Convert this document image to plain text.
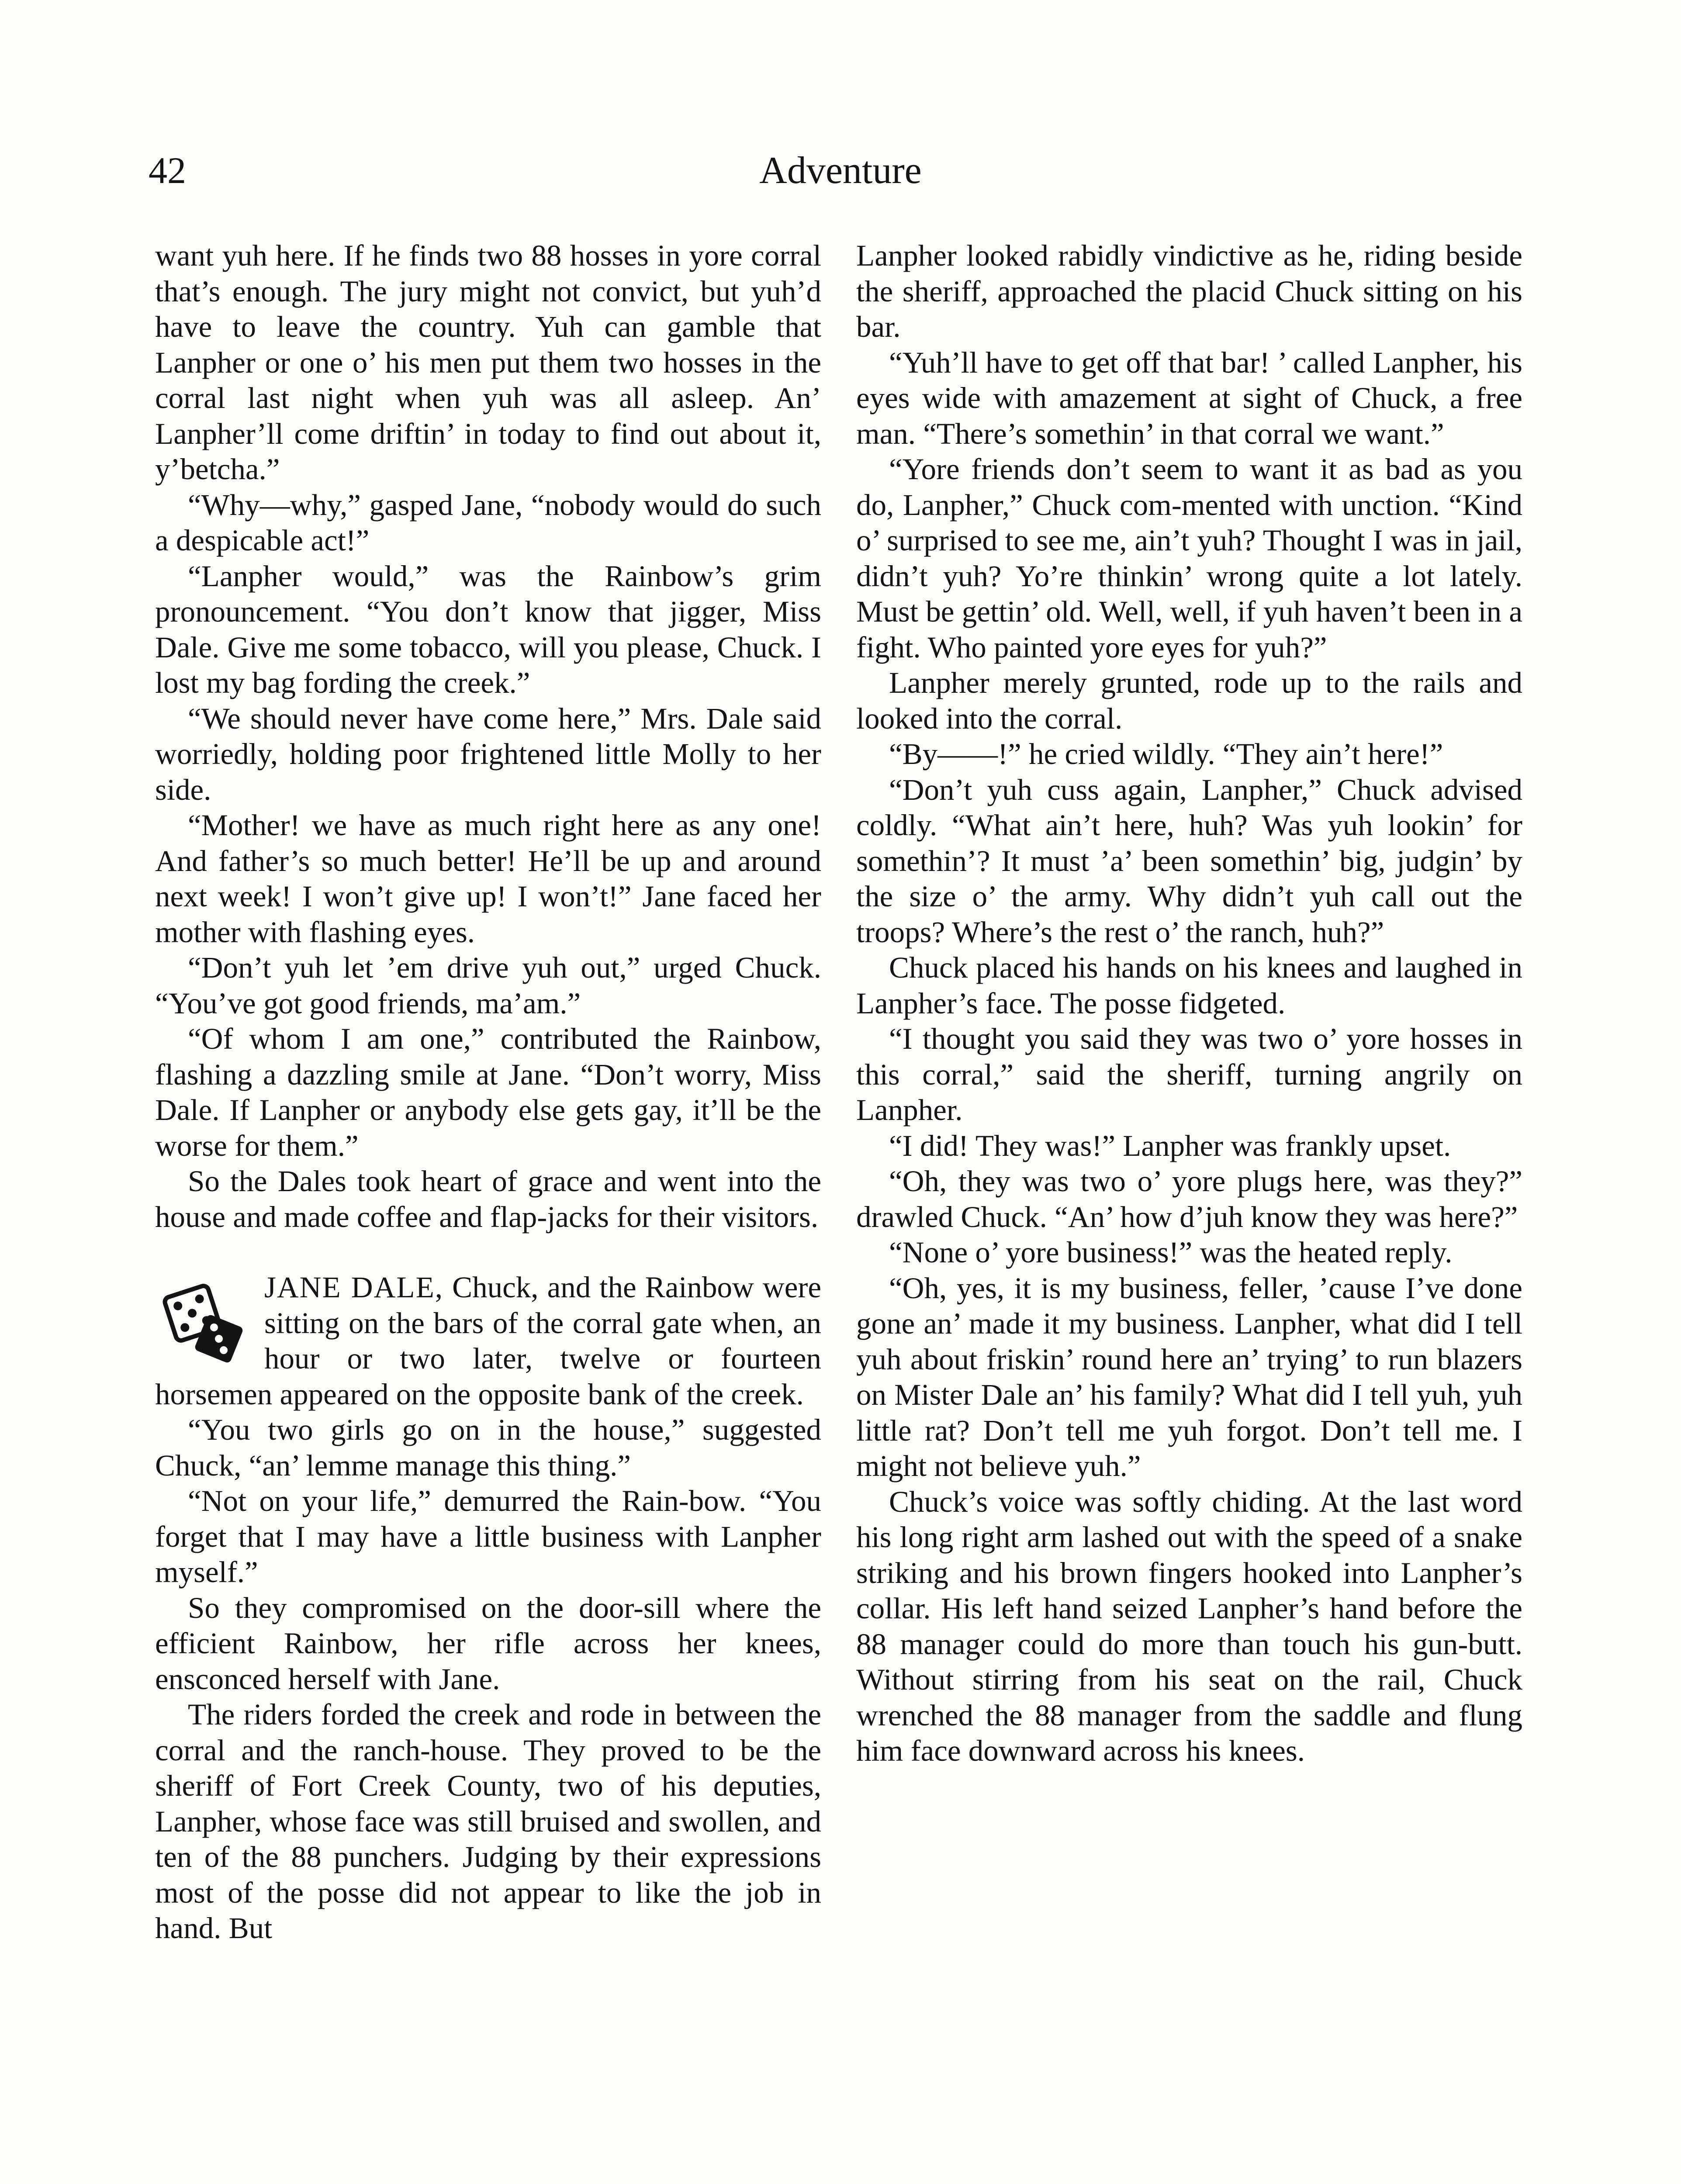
Adventure
42

want yuh here. If he finds two 88 hosses in yore corral that’s enough. The jury might not convict, but yuh’d have to leave the country. Yuh can gamble that Lanpher or one o’ his men put them two hosses in the corral last night when yuh was all asleep. An’ Lanpher’ll come driftin’ in today to find out about it, y’betcha.”

“Why—why,” gasped Jane, “nobody would do such a despicable act!”

“Lanpher would,” was the Rainbow’s grim pronouncement. “You don’t know that jigger, Miss Dale. Give me some tobacco, will you please, Chuck. I lost my bag fording the creek.”

“We should never have come here,” Mrs. Dale said worriedly, holding poor frightened little Molly to her side.

“Mother! we have as much right here as any one! And father’s so much better! He’ll be up and around next week! I won’t give up! I won’t!” Jane faced her mother with flashing eyes.

“Don’t yuh let ’em drive yuh out,” urged Chuck. “You’ve got good friends, ma’am.”

“Of whom I am one,” contributed the Rainbow, flashing a dazzling smile at Jane. “Don’t worry, Miss Dale. If Lanpher or anybody else gets gay, it’ll be the worse for them.”

So the Dales took heart of grace and went into the house and made coffee and flap-jacks for their visitors.

JANE DALE, Chuck, and the Rainbow were sitting on the bars of the corral gate when, an hour or two later, twelve or fourteen horsemen appeared on the opposite bank of the creek.

“You two girls go on in the house,” suggested Chuck, “an’ lemme manage this thing.”

“Not on your life,” demurred the Rain-bow. “You forget that I may have a little business with Lanpher myself.”

So they compromised on the door-sill where the efficient Rainbow, her rifle across her knees, ensconced herself with Jane.

The riders forded the creek and rode in between the corral and the ranch-house. They proved to be the sheriff of Fort Creek County, two of his deputies, Lanpher, whose face was still bruised and swollen, and ten of the 88 punchers. Judging by their expressions most of the posse did not appear to like the job in hand. But

Lanpher looked rabidly vindictive as he, riding beside the sheriff, approached the placid Chuck sitting on his bar.

“Yuh’ll have to get off that bar! ’ called Lanpher, his eyes wide with amazement at sight of Chuck, a free man. “There’s somethin’ in that corral we want.”

“Yore friends don’t seem to want it as bad as you do, Lanpher,” Chuck com-mented with unction. “Kind o’ surprised to see me, ain’t yuh? Thought I was in jail, didn’t yuh? Yo’re thinkin’ wrong quite a lot lately. Must be gettin’ old. Well, well, if yuh haven’t been in a fight. Who painted yore eyes for yuh?”

Lanpher merely grunted, rode up to the rails and looked into the corral.

“By——!” he cried wildly. “They ain’t here!”

“Don’t yuh cuss again, Lanpher,” Chuck advised coldly. “What ain’t here, huh? Was yuh lookin’ for somethin’? It must ’a’ been somethin’ big, judgin’ by the size o’ the army. Why didn’t yuh call out the troops? Where’s the rest o’ the ranch, huh?”

Chuck placed his hands on his knees and laughed in Lanpher’s face. The posse fidgeted.

“I thought you said they was two o’ yore hosses in this corral,” said the sheriff, turning angrily on Lanpher.

“I did! They was!” Lanpher was frankly upset.

“Oh, they was two o’ yore plugs here, was they?” drawled Chuck. “An’ how d’juh know they was here?”

“None o’ yore business!” was the heated reply.

“Oh, yes, it is my business, feller, ’cause I’ve done gone an’ made it my business. Lanpher, what did I tell yuh about friskin’ round here an’ trying’ to run blazers on Mister Dale an’ his family? What did I tell yuh, yuh little rat? Don’t tell me yuh forgot. Don’t tell me. I might not believe yuh.”

Chuck’s voice was softly chiding. At the last word his long right arm lashed out with the speed of a snake striking and his brown fingers hooked into Lanpher’s collar. His left hand seized Lanpher’s hand before the 88 manager could do more than touch his gun-butt. Without stirring from his seat on the rail, Chuck wrenched the 88 manager from the saddle and flung him face downward across his knees.
